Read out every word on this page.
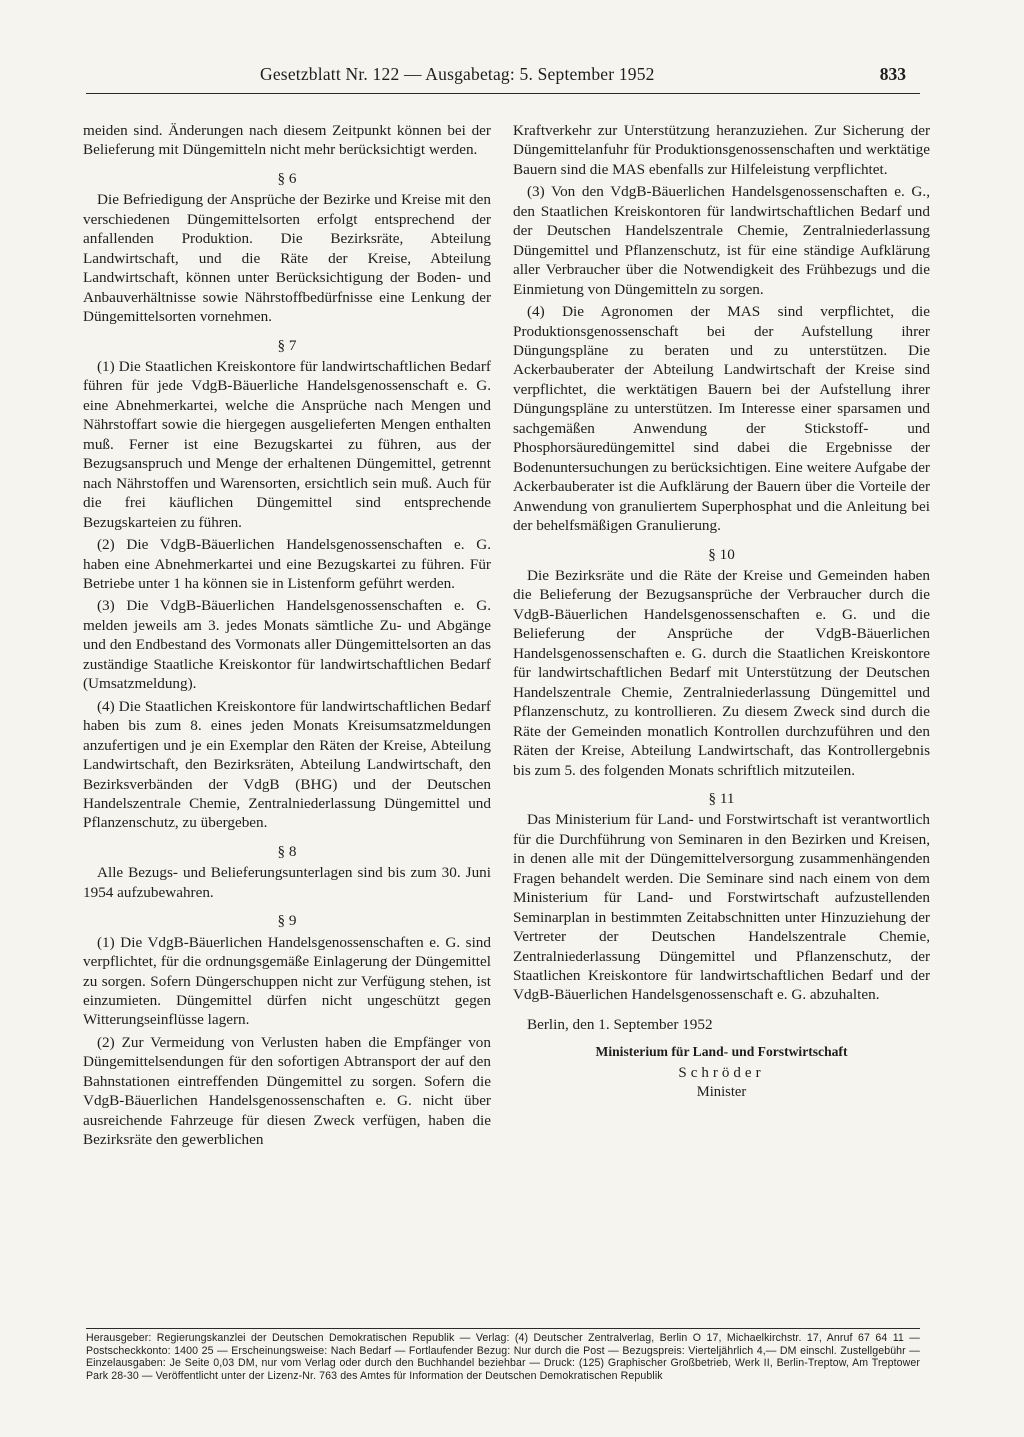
Gesetzblatt Nr. 122 — Ausgabetag: 5. September 1952	833

meiden sind. Änderungen nach diesem Zeitpunkt können bei der Belieferung mit Düngemitteln nicht mehr berücksichtigt werden.

§ 6

Die Befriedigung der Ansprüche der Bezirke und Kreise mit den verschiedenen Düngemittelsorten erfolgt entsprechend der anfallenden Produktion. Die Bezirksräte, Abteilung Landwirtschaft, und die Räte der Kreise, Abteilung Landwirtschaft, können unter Berücksichtigung der Boden- und Anbauverhältnisse sowie Nährstoffbedürfnisse eine Lenkung der Düngemittelsorten vornehmen.

§ 7

(1) Die Staatlichen Kreiskontore für landwirtschaftlichen Bedarf führen für jede VdgB-Bäuerliche Handelsgenossenschaft e. G. eine Abnehmerkartei, welche die Ansprüche nach Mengen und Nährstoffart sowie die hiergegen ausgelieferten Mengen enthalten muß. Ferner ist eine Bezugskartei zu führen, aus der Bezugsanspruch und Menge der erhaltenen Düngemittel, getrennt nach Nährstoffen und Warensorten, ersichtlich sein muß. Auch für die frei käuflichen Düngemittel sind entsprechende Bezugskarteien zu führen.

(2) Die VdgB-Bäuerlichen Handelsgenossenschaften e. G. haben eine Abnehmerkartei und eine Bezugskartei zu führen. Für Betriebe unter 1 ha können sie in Listenform geführt werden.

(3) Die VdgB-Bäuerlichen Handelsgenossenschaften e. G. melden jeweils am 3. jedes Monats sämtliche Zu- und Abgänge und den Endbestand des Vormonats aller Düngemittelsorten an das zuständige Staatliche Kreiskontor für landwirtschaftlichen Bedarf (Umsatzmeldung).

(4) Die Staatlichen Kreiskontore für landwirtschaftlichen Bedarf haben bis zum 8. eines jeden Monats Kreisumsatzmeldungen anzufertigen und je ein Exemplar den Räten der Kreise, Abteilung Landwirtschaft, den Bezirksräten, Abteilung Landwirtschaft, den Bezirksverbänden der VdgB (BHG) und der Deutschen Handelszentrale Chemie, Zentralniederlassung Düngemittel und Pflanzenschutz, zu übergeben.

§ 8

Alle Bezugs- und Belieferungsunterlagen sind bis zum 30. Juni 1954 aufzubewahren.

§ 9

(1) Die VdgB-Bäuerlichen Handelsgenossenschaften e. G. sind verpflichtet, für die ordnungsgemäße Einlagerung der Düngemittel zu sorgen. Sofern Düngerschuppen nicht zur Verfügung stehen, ist einzumieten. Düngemittel dürfen nicht ungeschützt gegen Witterungseinflüsse lagern.

(2) Zur Vermeidung von Verlusten haben die Empfänger von Düngemittelsendungen für den sofortigen Abtransport der auf den Bahnstationen eintreffenden Düngemittel zu sorgen. Sofern die VdgB-Bäuerlichen Handelsgenossenschaften e. G. nicht über ausreichende Fahrzeuge für diesen Zweck verfügen, haben die Bezirksräte den gewerblichen

Kraftverkehr zur Unterstützung heranzuziehen. Zur Sicherung der Düngemittelanfuhr für Produktionsgenossenschaften und werktätige Bauern sind die MAS ebenfalls zur Hilfeleistung verpflichtet.

(3) Von den VdgB-Bäuerlichen Handelsgenossenschaften e. G., den Staatlichen Kreiskontoren für landwirtschaftlichen Bedarf und der Deutschen Handelszentrale Chemie, Zentralniederlassung Düngemittel und Pflanzenschutz, ist für eine ständige Aufklärung aller Verbraucher über die Notwendigkeit des Frühbezugs und die Einmietung von Düngemitteln zu sorgen.

(4) Die Agronomen der MAS sind verpflichtet, die Produktionsgenossenschaft bei der Aufstellung ihrer Düngungspläne zu beraten und zu unterstützen. Die Ackerbauberater der Abteilung Landwirtschaft der Kreise sind verpflichtet, die werktätigen Bauern bei der Aufstellung ihrer Düngungspläne zu unterstützen. Im Interesse einer sparsamen und sachgemäßen Anwendung der Stickstoff- und Phosphorsäuredüngemittel sind dabei die Ergebnisse der Bodenuntersuchungen zu berücksichtigen. Eine weitere Aufgabe der Ackerbauberater ist die Aufklärung der Bauern über die Vorteile der Anwendung von granuliertem Superphosphat und die Anleitung bei der behelfsmäßigen Granulierung.

§ 10

Die Bezirksräte und die Räte der Kreise und Gemeinden haben die Belieferung der Bezugsansprüche der Verbraucher durch die VdgB-Bäuerlichen Handelsgenossenschaften e. G. und die Belieferung der Ansprüche der VdgB-Bäuerlichen Handelsgenossenschaften e. G. durch die Staatlichen Kreiskontore für landwirtschaftlichen Bedarf mit Unterstützung der Deutschen Handelszentrale Chemie, Zentralniederlassung Düngemittel und Pflanzenschutz, zu kontrollieren. Zu diesem Zweck sind durch die Räte der Gemeinden monatlich Kontrollen durchzuführen und den Räten der Kreise, Abteilung Landwirtschaft, das Kontrollergebnis bis zum 5. des folgenden Monats schriftlich mitzuteilen.

§ 11

Das Ministerium für Land- und Forstwirtschaft ist verantwortlich für die Durchführung von Seminaren in den Bezirken und Kreisen, in denen alle mit der Düngemittelversorgung zusammenhängenden Fragen behandelt werden. Die Seminare sind nach einem von dem Ministerium für Land- und Forstwirtschaft aufzustellenden Seminarplan in bestimmten Zeitabschnitten unter Hinzuziehung der Vertreter der Deutschen Handelszentrale Chemie, Zentralniederlassung Düngemittel und Pflanzenschutz, der Staatlichen Kreiskontore für landwirtschaftlichen Bedarf und der VdgB-Bäuerlichen Handelsgenossenschaft e. G. abzuhalten.

Berlin, den 1. September 1952

Ministerium für Land- und Forstwirtschaft
Schröder
Minister

Herausgeber: Regierungskanzlei der Deutschen Demokratischen Republik — Verlag: (4) Deutscher Zentralverlag, Berlin O 17, Michaelkirchstr. 17, Anruf 67 64 11 — Postscheckkonto: 1400 25 — Erscheinungsweise: Nach Bedarf — Fortlaufender Bezug: Nur durch die Post — Bezugspreis: Vierteljährlich 4,— DM einschl. Zustellgebühr — Einzelausgaben: Je Seite 0,03 DM, nur vom Verlag oder durch den Buchhandel beziehbar — Druck: (125) Graphischer Großbetrieb, Werk II, Berlin-Treptow, Am Treptower Park 28-30 — Veröffentlicht unter der Lizenz-Nr. 763 des Amtes für Information der Deutschen Demokratischen Republik
